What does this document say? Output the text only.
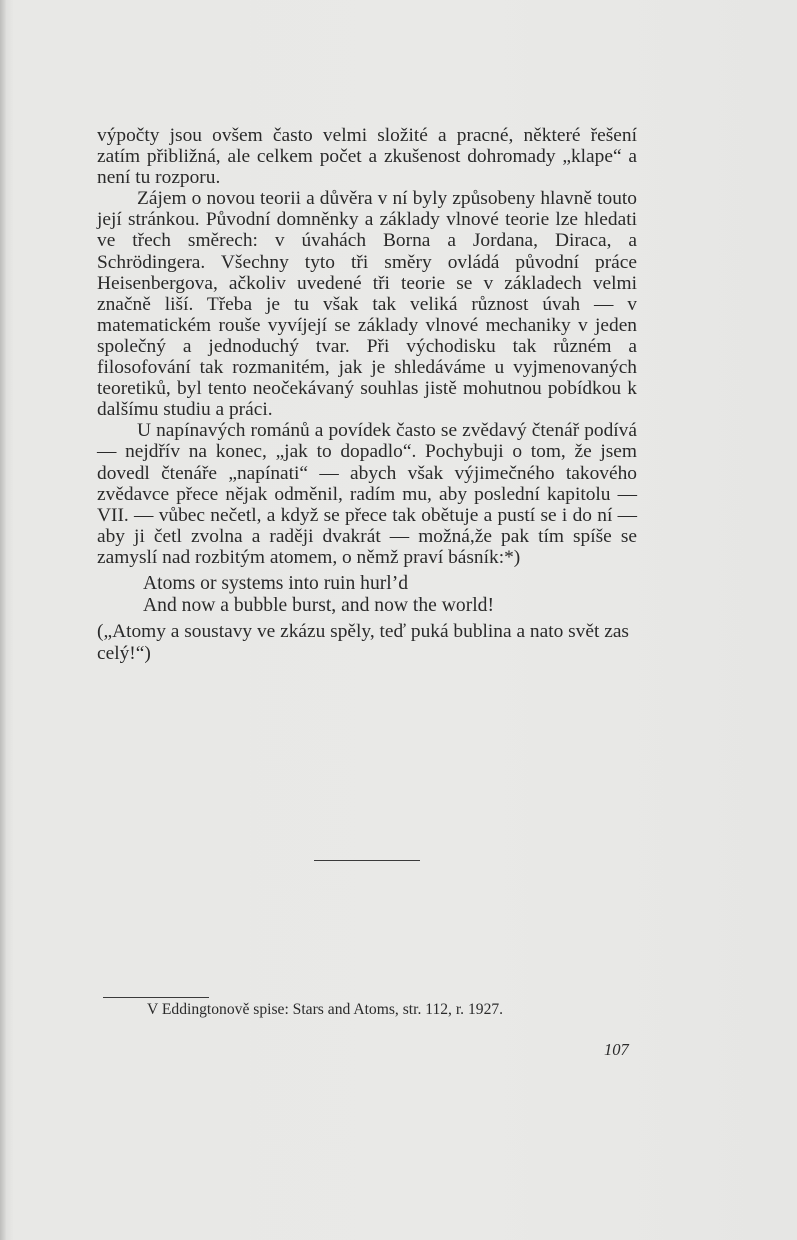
výpočty jsou ovšem často velmi složité a pracné, některé řešení zatím přibližná, ale celkem počet a zkušenost dohromady „klape“ a není tu rozporu.

Zájem o novou teorii a důvěra v ní byly způsobeny hlavně touto její stránkou. Původní domněnky a základy vlnové teorie lze hledati ve třech směrech: v úvahách Borna a Jordana, Diraca, a Schrödingera. Všechny tyto tři směry ovládá původní práce Heisenbergova, ačkoliv uvedené tři teorie se v základech velmi značně liší. Třeba je tu však tak veliká různost úvah — v matematickém rouše vyvíjejí se základy vlnové mechaniky v jeden společný a jednoduchý tvar. Při východisku tak různém a filosofování tak rozmanitém, jak je shledáváme u vyjmenovaných teoretiků, byl tento neočekávaný souhlas jistě mohutnou pobídkou k dalšímu studiu a práci.

U napínavých románů a povídek často se zvědavý čtenář podívá — nejdřív na konec, „jak to dopadlo“. Pochybuji o tom, že jsem dovedl čtenáře „napínati“ — abych však výjimečného takového zvědavce přece nějak odměnil, radím mu, aby poslední kapitolu — VII. — vůbec nečetl, a když se přece tak obětuje a pustí se i do ní — aby ji četl zvolna a raději dvakrát — možná,že pak tím spíše se zamyslí nad rozbitým atomem, o němž praví básník:*)

Atoms or systems into ruin hurl’d
And now a bubble burst, and now the world!

(„Atomy a soustavy ve zkázu spěly, teď puká bublina a nato svět zas celý!“)

V Eddingtonově spise: Stars and Atoms, str. 112, r. 1927.
107
